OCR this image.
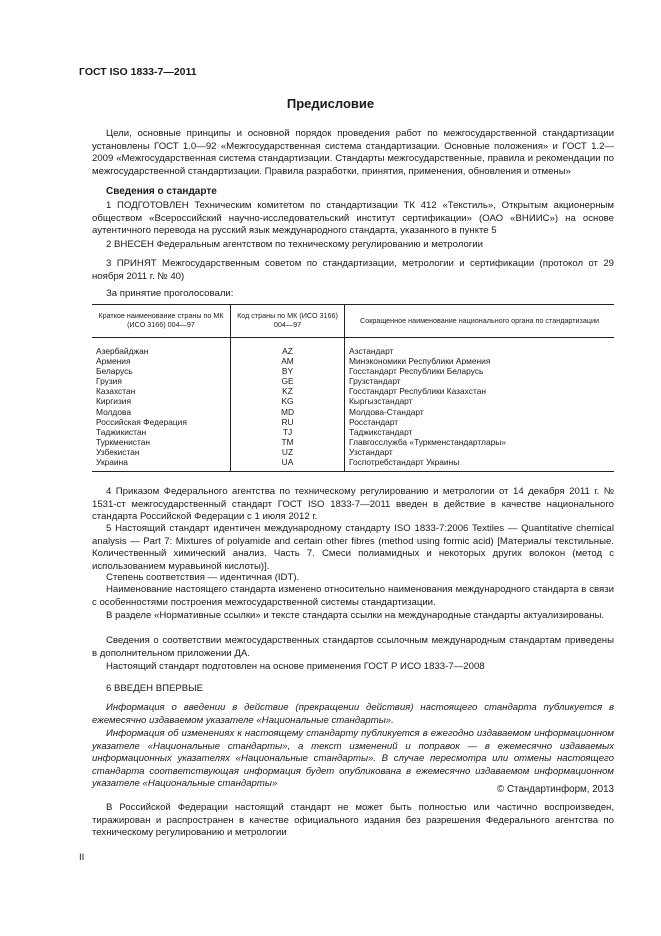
ГОСТ ISO 1833-7—2011
Предисловие

Цели, основные принципы и основной порядок проведения работ по межгосударственной стандартизации установлены ГОСТ 1.0—92 «Межгосударственная система стандартизации. Основные положения» и ГОСТ 1.2—2009 «Межгосударственная система стандартизации. Стандарты межгосударственные, правила и рекомендации по межгосударственной стандартизации. Правила разработки, принятия, применения, обновления и отмены»

Сведения о стандарте

1 ПОДГОТОВЛЕН Техническим комитетом по стандартизации ТК 412 «Текстиль», Открытым акционерным обществом «Всероссийский научно-исследовательский институт сертификации» (ОАО «ВНИИС») на основе аутентичного перевода на русский язык международного стандарта, указанного в пункте 5

2 ВНЕСЕН Федеральным агентством по техническому регулированию и метрологии

3 ПРИНЯТ Межгосударственным советом по стандартизации, метрологии и сертификации (протокол от 29 ноября 2011 г. № 40)

За принятие проголосовали:

Краткое наименование страны по МК (ИСО 3166) 004—97	Код страны по МК (ИСО 3166) 004—97	Сокращенное наименование национального органа по стандартизации
Азербайджан	AZ	Азстандарт
Армения	AM	Минэкономики Республики Армения
Беларусь	BY	Госстандарт Республики Беларусь
Грузия	GE	Грузстандарт
Казахстан	KZ	Госстандарт Республики Казахстан
Киргизия	KG	Кыргызстандарт
Молдова	MD	Молдова-Стандарт
Российская Федерация	RU	Росстандарт
Таджикистан	TJ	Таджикстандарт
Туркменистан	TM	Главгосслужба «Туркменстандартлары»
Узбекистан	UZ	Узстандарт
Украина	UA	Госпотребстандарт Украины

4 Приказом Федерального агентства по техническому регулированию и метрологии от 14 декабря 2011 г. № 1531-ст межгосударственный стандарт ГОСТ ISO 1833-7—2011 введен в действие в качестве национального стандарта Российской Федерации с 1 июля 2012 г.

5 Настоящий стандарт идентичен международному стандарту ISO 1833-7:2006 Textiles — Quantitative chemical analysis — Part 7: Mixtures of polyamide and certain other fibres (method using formic acid) [Материалы текстильные. Количественный химический анализ. Часть 7. Смеси полиамидных и некоторых других волокон (метод с использованием муравьиной кислоты)].

Степень соответствия — идентичная (IDT).

Наименование настоящего стандарта изменено относительно наименования международного стандарта в связи с особенностями построения межгосударственной системы стандартизации.

В разделе «Нормативные ссылки» и тексте стандарта ссылки на международные стандарты актуализированы.

Сведения о соответствии межгосударственных стандартов ссылочным международным стандартам приведены в дополнительном приложении ДА.

Настоящий стандарт подготовлен на основе применения ГОСТ Р ИСО 1833-7—2008

6 ВВЕДЕН ВПЕРВЫЕ

Информация о введении в действие (прекращении действия) настоящего стандарта публикуется в ежемесячно издаваемом указателе «Национальные стандарты».

Информация об изменениях к настоящему стандарту публикуется в ежегодно издаваемом информационном указателе «Национальные стандарты», а текст изменений и поправок — в ежемесячно издаваемых информационных указателях «Национальные стандарты». В случае пересмотра или отмены настоящего стандарта соответствующая информация будет опубликована в ежемесячно издаваемом информационном указателе «Национальные стандарты»

© Стандартинформ, 2013

В Российской Федерации настоящий стандарт не может быть полностью или частично воспроизведен, тиражирован и распространен в качестве официального издания без разрешения Федерального агентства по техническому регулированию и метрологии

II
